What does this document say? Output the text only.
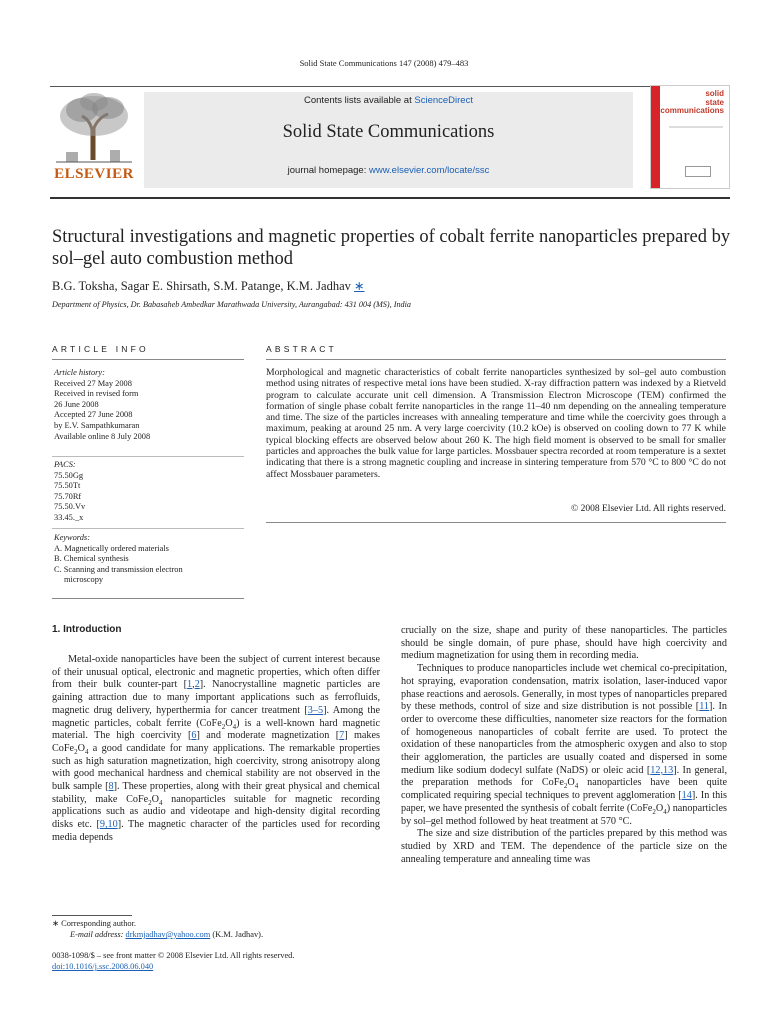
Solid State Communications 147 (2008) 479–483
ELSEVIER
Contents lists available at ScienceDirect
Solid State Communications
journal homepage: www.elsevier.com/locate/ssc
solid
state
communications
Structural investigations and magnetic properties of cobalt ferrite nanoparticles prepared by sol–gel auto combustion method
B.G. Toksha, Sagar E. Shirsath, S.M. Patange, K.M. Jadhav ∗
Department of Physics, Dr. Babasaheb Ambedkar Marathwada University, Aurangabad: 431 004 (MS), India
ARTICLE INFO	ABSTRACT
Article history:
Received 27 May 2008
Received in revised form
26 June 2008
Accepted 27 June 2008
by E.V. Sampathkumaran
Available online 8 July 2008
PACS:
75.50Gg
75.50Tt
75.70Rf
75.50.Vv
33.45._x
Keywords:
A. Magnetically ordered materials
B. Chemical synthesis
C. Scanning and transmission electron
microscopy
Morphological and magnetic characteristics of cobalt ferrite nanoparticles synthesized by sol–gel auto combustion method using nitrates of respective metal ions have been studied. X-ray diffraction pattern was indexed by a Rietveld program to calculate accurate unit cell dimension. A Transmission Electron Microscope (TEM) confirmed the formation of single phase cobalt ferrite nanoparticles in the range 11–40 nm depending on the annealing temperature and time. The size of the particles increases with annealing temperature and time while the coercivity goes through a maximum, peaking at around 25 nm. A very large coercivity (10.2 kOe) is observed on cooling down to 77 K while typical blocking effects are observed below about 260 K. The high field moment is observed to be small for smaller particles and approaches the bulk value for large particles. Mossbauer spectra recorded at room temperature is a sextet indicating that there is a strong magnetic coupling and increase in sintering temperature from 570 °C to 800 °C do not affect Mossbauer parameters.
© 2008 Elsevier Ltd. All rights reserved.
1. Introduction

Metal-oxide nanoparticles have been the subject of current interest because of their unusual optical, electronic and magnetic properties, which often differ from their bulk counter-part [1,2]. Nanocrystalline magnetic particles are gaining attraction due to many important applications such as ferrofluids, magnetic drug delivery, hyperthermia for cancer treatment [3–5]. Among the magnetic particles, cobalt ferrite $(CoFe_2O_4)$ is a well-known hard magnetic material. The high coercivity [6] and moderate magnetization [7] makes $CoFe_2O_4$ a good candidate for many applications. The remarkable properties such as high saturation magnetization, high coercivity, strong anisotropy along with good mechanical hardness and chemical stability are not observed in the bulk sample [8]. These properties, along with their great physical and chemical stability, make $CoFe_2O_4$ nanoparticles suitable for magnetic recording applications such as audio and videotape and high-density digital recording disks etc. [9,10]. The magnetic character of the particles used for recording media depends

crucially on the size, shape and purity of these nanoparticles. The particles should be single domain, of pure phase, should have high coercivity and medium magnetization for using them in recording media.

Techniques to produce nanoparticles include wet chemical co-precipitation, hot spraying, evaporation condensation, matrix isolation, laser-induced vapor phase reactions and aerosols. Generally, in most types of nanoparticles prepared by these methods, control of size and size distribution is not possible [11]. In order to overcome these difficulties, nanometer size reactors for the formation of homogeneous nanoparticles of cobalt ferrite are used. To protect the oxidation of these nanoparticles from the atmospheric oxygen and also to stop their agglomeration, the particles are usually coated and dispersed in some medium like sodium dodecyl sulfate (NaDS) or oleic acid [12,13]. In general, the preparation methods for $CoFe_2O_4$ nanoparticles have been quite complicated requiring special techniques to prevent agglomeration [14]. In this paper, we have presented the synthesis of cobalt ferrite $(CoFe_2O_4)$ nanoparticles by sol–gel method followed by heat treatment at 570 °C.

The size and size distribution of the particles prepared by this method was studied by XRD and TEM. The dependence of the particle size on the annealing temperature and annealing time was

∗ Corresponding author.
E-mail address: drkmjadhav@yahoo.com (K.M. Jadhav).
0038-1098/$ – see front matter © 2008 Elsevier Ltd. All rights reserved.
doi:10.1016/j.ssc.2008.06.040
